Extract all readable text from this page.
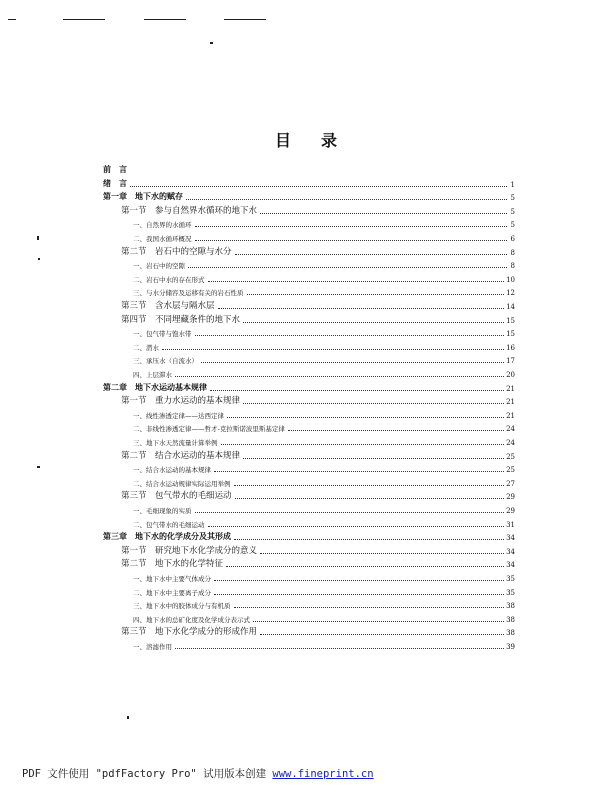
目 录
前　言
绪　言	1
第一章　地下水的赋存	5
第一节　参与自然界水循环的地下水	5
一、自然界的水循环	5
二、我国水循环概况	6
第二节　岩石中的空隙与水分	8
一、岩石中的空隙	8
二、岩石中水的存在形式	10
三、与水分储容及运移有关的岩石性质	12
第三节　含水层与隔水层	14
第四节　不同埋藏条件的地下水	15
一、包气带与饱水带	15
二、潜水	16
三、承压水（自流水）	17
四、上层滞水	20
第二章　地下水运动基本规律	21
第一节　重力水运动的基本规律	21
一、线性渗透定律——达西定律	21
二、非线性渗透定律——哲才-克拉斯诺波里斯基定律	24
三、地下水天然流量计算举例	24
第二节　结合水运动的基本规律	25
一、结合水运动的基本规律	25
二、结合水运动规律实际运用举例	27
第三节　包气带水的毛细运动	29
一、毛细现象的实质	29
二、包气带水的毛细运动	31
第三章　地下水的化学成分及其形成	34
第一节　研究地下水化学成分的意义	34
第二节　地下水的化学特征	34
一、地下水中主要气体成分	35
二、地下水中主要离子成分	35
三、地下水中的胶体成分与有机质	38
四、地下水的总矿化度及化学成分表示式	38
第三节　地下水化学成分的形成作用	38
一、溶滤作用	39
PDF 文件使用 "pdfFactory Pro" 试用版本创建 www.fineprint.cn
